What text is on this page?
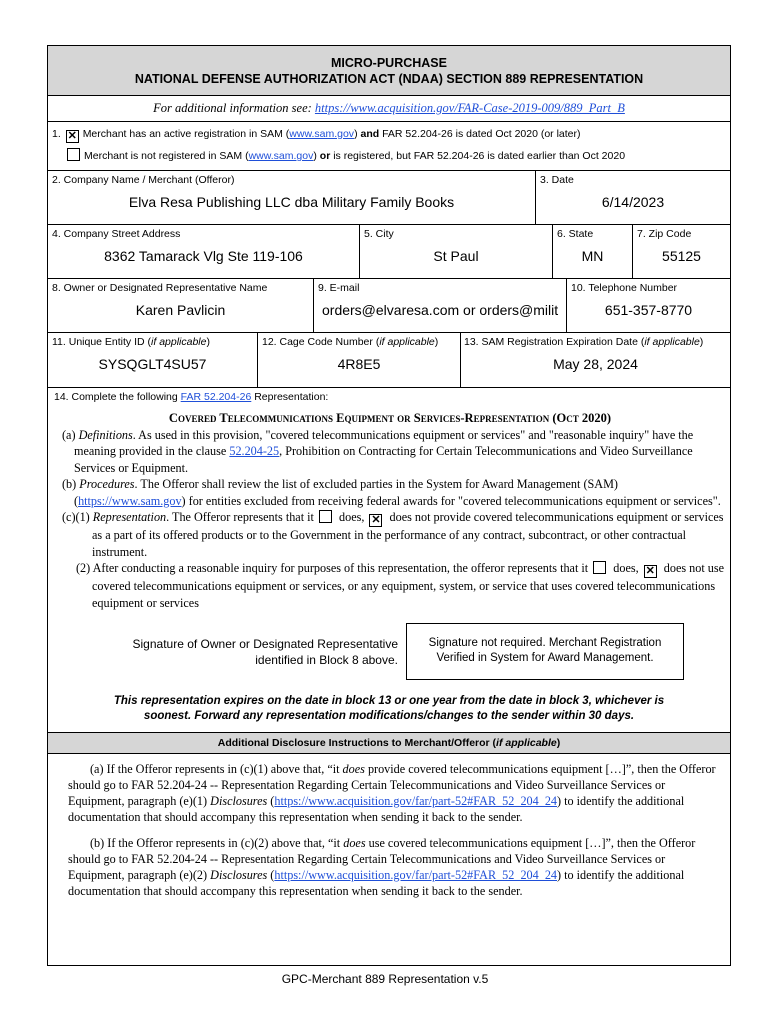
MICRO-PURCHASE
NATIONAL DEFENSE AUTHORIZATION ACT (NDAA) SECTION 889 REPRESENTATION
For additional information see: https://www.acquisition.gov/FAR-Case-2019-009/889_Part_B
1. ✕ Merchant has an active registration in SAM (www.sam.gov) and FAR 52.204-26 is dated Oct 2020 (or later)
Merchant is not registered in SAM (www.sam.gov) or is registered, but FAR 52.204-26 is dated earlier than Oct 2020
2. Company Name / Merchant (Offeror)
Elva Resa Publishing LLC dba Military Family Books
3. Date
6/14/2023
4. Company Street Address
8362 Tamarack Vlg Ste 119-106
5. City
St Paul
6. State
MN
7. Zip Code
55125
8. Owner or Designated Representative Name
Karen Pavlicin
9. E-mail
orders@elvaresa.com or orders@milit
10. Telephone Number
651-357-8770
11. Unique Entity ID (if applicable)
SYSQGLT4SU57
12. Cage Code Number (if applicable)
4R8E5
13. SAM Registration Expiration Date (if applicable)
May 28, 2024
14. Complete the following FAR 52.204-26 Representation:

Covered Telecommunications Equipment or Services-Representation (Oct 2020)

(a) Definitions. As used in this provision, "covered telecommunications equipment or services" and "reasonable inquiry" have the meaning provided in the clause 52.204-25, Prohibition on Contracting for Certain Telecommunications and Video Surveillance Services or Equipment.

(b) Procedures. The Offeror shall review the list of excluded parties in the System for Award Management (SAM) (https://www.sam.gov) for entities excluded from receiving federal awards for "covered telecommunications equipment or services".

(c)(1) Representation. The Offeror represents that it  does, ✕ does not provide covered telecommunications equipment or services as a part of its offered products or to the Government in the performance of any contract, subcontract, or other contractual instrument.

(2) After conducting a reasonable inquiry for purposes of this representation, the offeror represents that it  does, ✕ does not use covered telecommunications equipment or services, or any equipment, system, or service that uses covered telecommunications equipment or services

Signature of Owner or Designated Representative
identified in Block 8 above.
Signature not required. Merchant Registration
Verified in System for Award Management.
This representation expires on the date in block 13 or one year from the date in block 3, whichever is
soonest. Forward any representation modifications/changes to the sender within 30 days.
Additional Disclosure Instructions to Merchant/Offeror (if applicable)

(a) If the Offeror represents in (c)(1) above that, “it does provide covered telecommunications equipment […]”, then the Offeror should go to FAR 52.204-24 -- Representation Regarding Certain Telecommunications and Video Surveillance Services or Equipment, paragraph (e)(1) Disclosures (https://www.acquisition.gov/far/part-52#FAR_52_204_24) to identify the additional documentation that should accompany this representation when sending it back to the sender.

(b) If the Offeror represents in (c)(2) above that, “it does use covered telecommunications equipment […]”, then the Offeror should go to FAR 52.204-24 -- Representation Regarding Certain Telecommunications and Video Surveillance Services or Equipment, paragraph (e)(2) Disclosures (https://www.acquisition.gov/far/part-52#FAR_52_204_24) to identify the additional documentation that should accompany this representation when sending it back to the sender.

GPC-Merchant 889 Representation v.5
